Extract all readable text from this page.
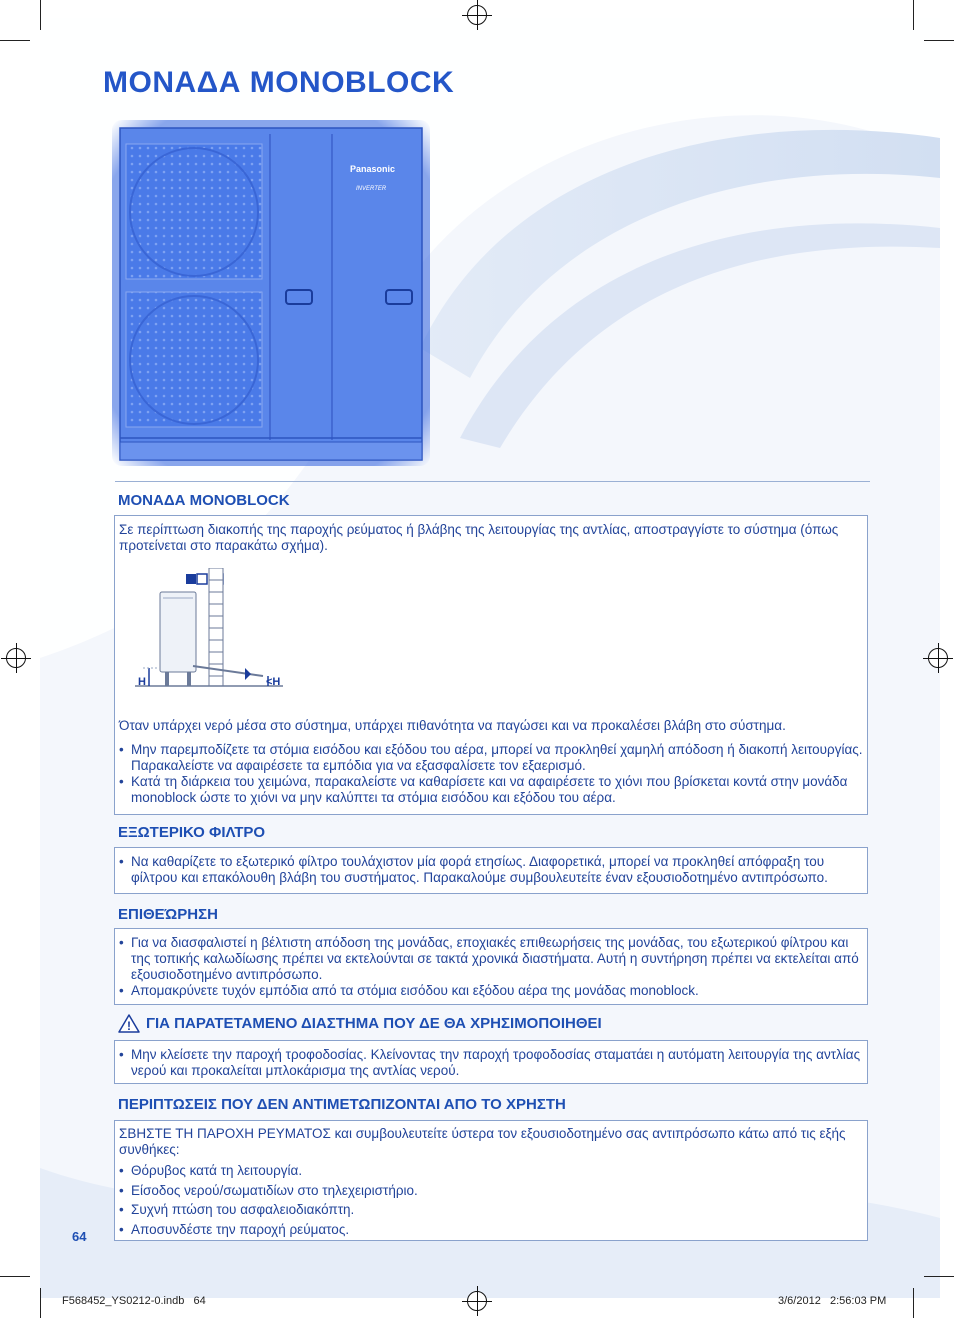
ΜΟΝΑΔΑ MONOBLOCK
Panasonic
INVERTER
ΜΟΝΑΔΑ MONOBLOCK
Σε περίπτωση διακοπής της παροχής ρεύματος ή βλάβης της λειτουργίας της αντλίας, αποστραγγίστε το σύστημα (όπως προτείνεται στο παρακάτω σχήμα).
H	<H
Όταν υπάρχει νερό μέσα στο σύστημα, υπάρχει πιθανότητα να παγώσει και να προκαλέσει βλάβη στο σύστημα.
• Μην παρεμποδίζετε τα στόμια εισόδου και εξόδου του αέρα, μπορεί να προκληθεί χαμηλή απόδοση ή διακοπή λειτουργίας. Παρακαλείστε να αφαιρέσετε τα εμπόδια για να εξασφαλίσετε τον εξαερισμό.
• Κατά τη διάρκεια του χειμώνα, παρακαλείστε να καθαρίσετε και να αφαιρέσετε το χιόνι που βρίσκεται κοντά στην μονάδα monoblock ώστε το χιόνι να μην καλύπτει τα στόμια εισόδου και εξόδου του αέρα.
ΕΞΩΤΕΡΙΚΟ ΦΙΛΤΡΟ
• Να καθαρίζετε το εξωτερικό φίλτρο τουλάχιστον μία φορά ετησίως. Διαφορετικά, μπορεί να προκληθεί απόφραξη του φίλτρου και επακόλουθη βλάβη του συστήματος. Παρακαλούμε συμβουλευτείτε έναν εξουσιοδοτημένο αντιπρόσωπο.
ΕΠΙΘΕΏΡΗΣΗ
• Για να διασφαλιστεί η βέλτιστη απόδοση της μονάδας, εποχιακές επιθεωρήσεις της μονάδας, του εξωτερικού φίλτρου και της τοπικής καλωδίωσης πρέπει να εκτελούνται σε τακτά χρονικά διαστήματα. Αυτή η συντήρηση πρέπει να εκτελείται από εξουσιοδοτημένο αντιπρόσωπο.
• Απομακρύνετε τυχόν εμπόδια από τα στόμια εισόδου και εξόδου αέρα της μονάδας monoblock.
! ΓΙΑ ΠΑΡΑΤΕΤΑΜΕΝΟ ΔΙΑΣΤΗΜΑ ΠΟΥ ΔΕ ΘΑ ΧΡΗΣΙΜΟΠΟΙΗΘΕΙ
• Μην κλείσετε την παροχή τροφοδοσίας. Κλείνοντας την παροχή τροφοδοσίας σταματάει η αυτόματη λειτουργία της αντλίας νερού και προκαλείται μπλοκάρισμα της αντλίας νερού.
ΠΕΡΙΠΤΩΣΕΙΣ ΠΟΥ ΔΕΝ ΑΝΤΙΜΕΤΩΠΙΖΟΝΤΑΙ ΑΠΟ ΤΟ ΧΡΗΣΤΗ
ΣΒΗΣΤΕ ΤΗ ΠΑΡΟΧΗ ΡΕΥΜΑΤΟΣ και συμβουλευτείτε ύστερα τον εξουσιοδοτημένο σας αντιπρόσωπο κάτω από τις εξής συνθήκες:
• Θόρυβος κατά τη λειτουργία.
• Είσοδος νερού/σωματιδίων στο τηλεχειριστήριο.
• Συχνή πτώση του ασφαλειοδιακόπτη.
• Αποσυνδέστε την παροχή ρεύματος.
64
F568452_YS0212-0.indb   64	3/6/2012   2:56:03 PM
